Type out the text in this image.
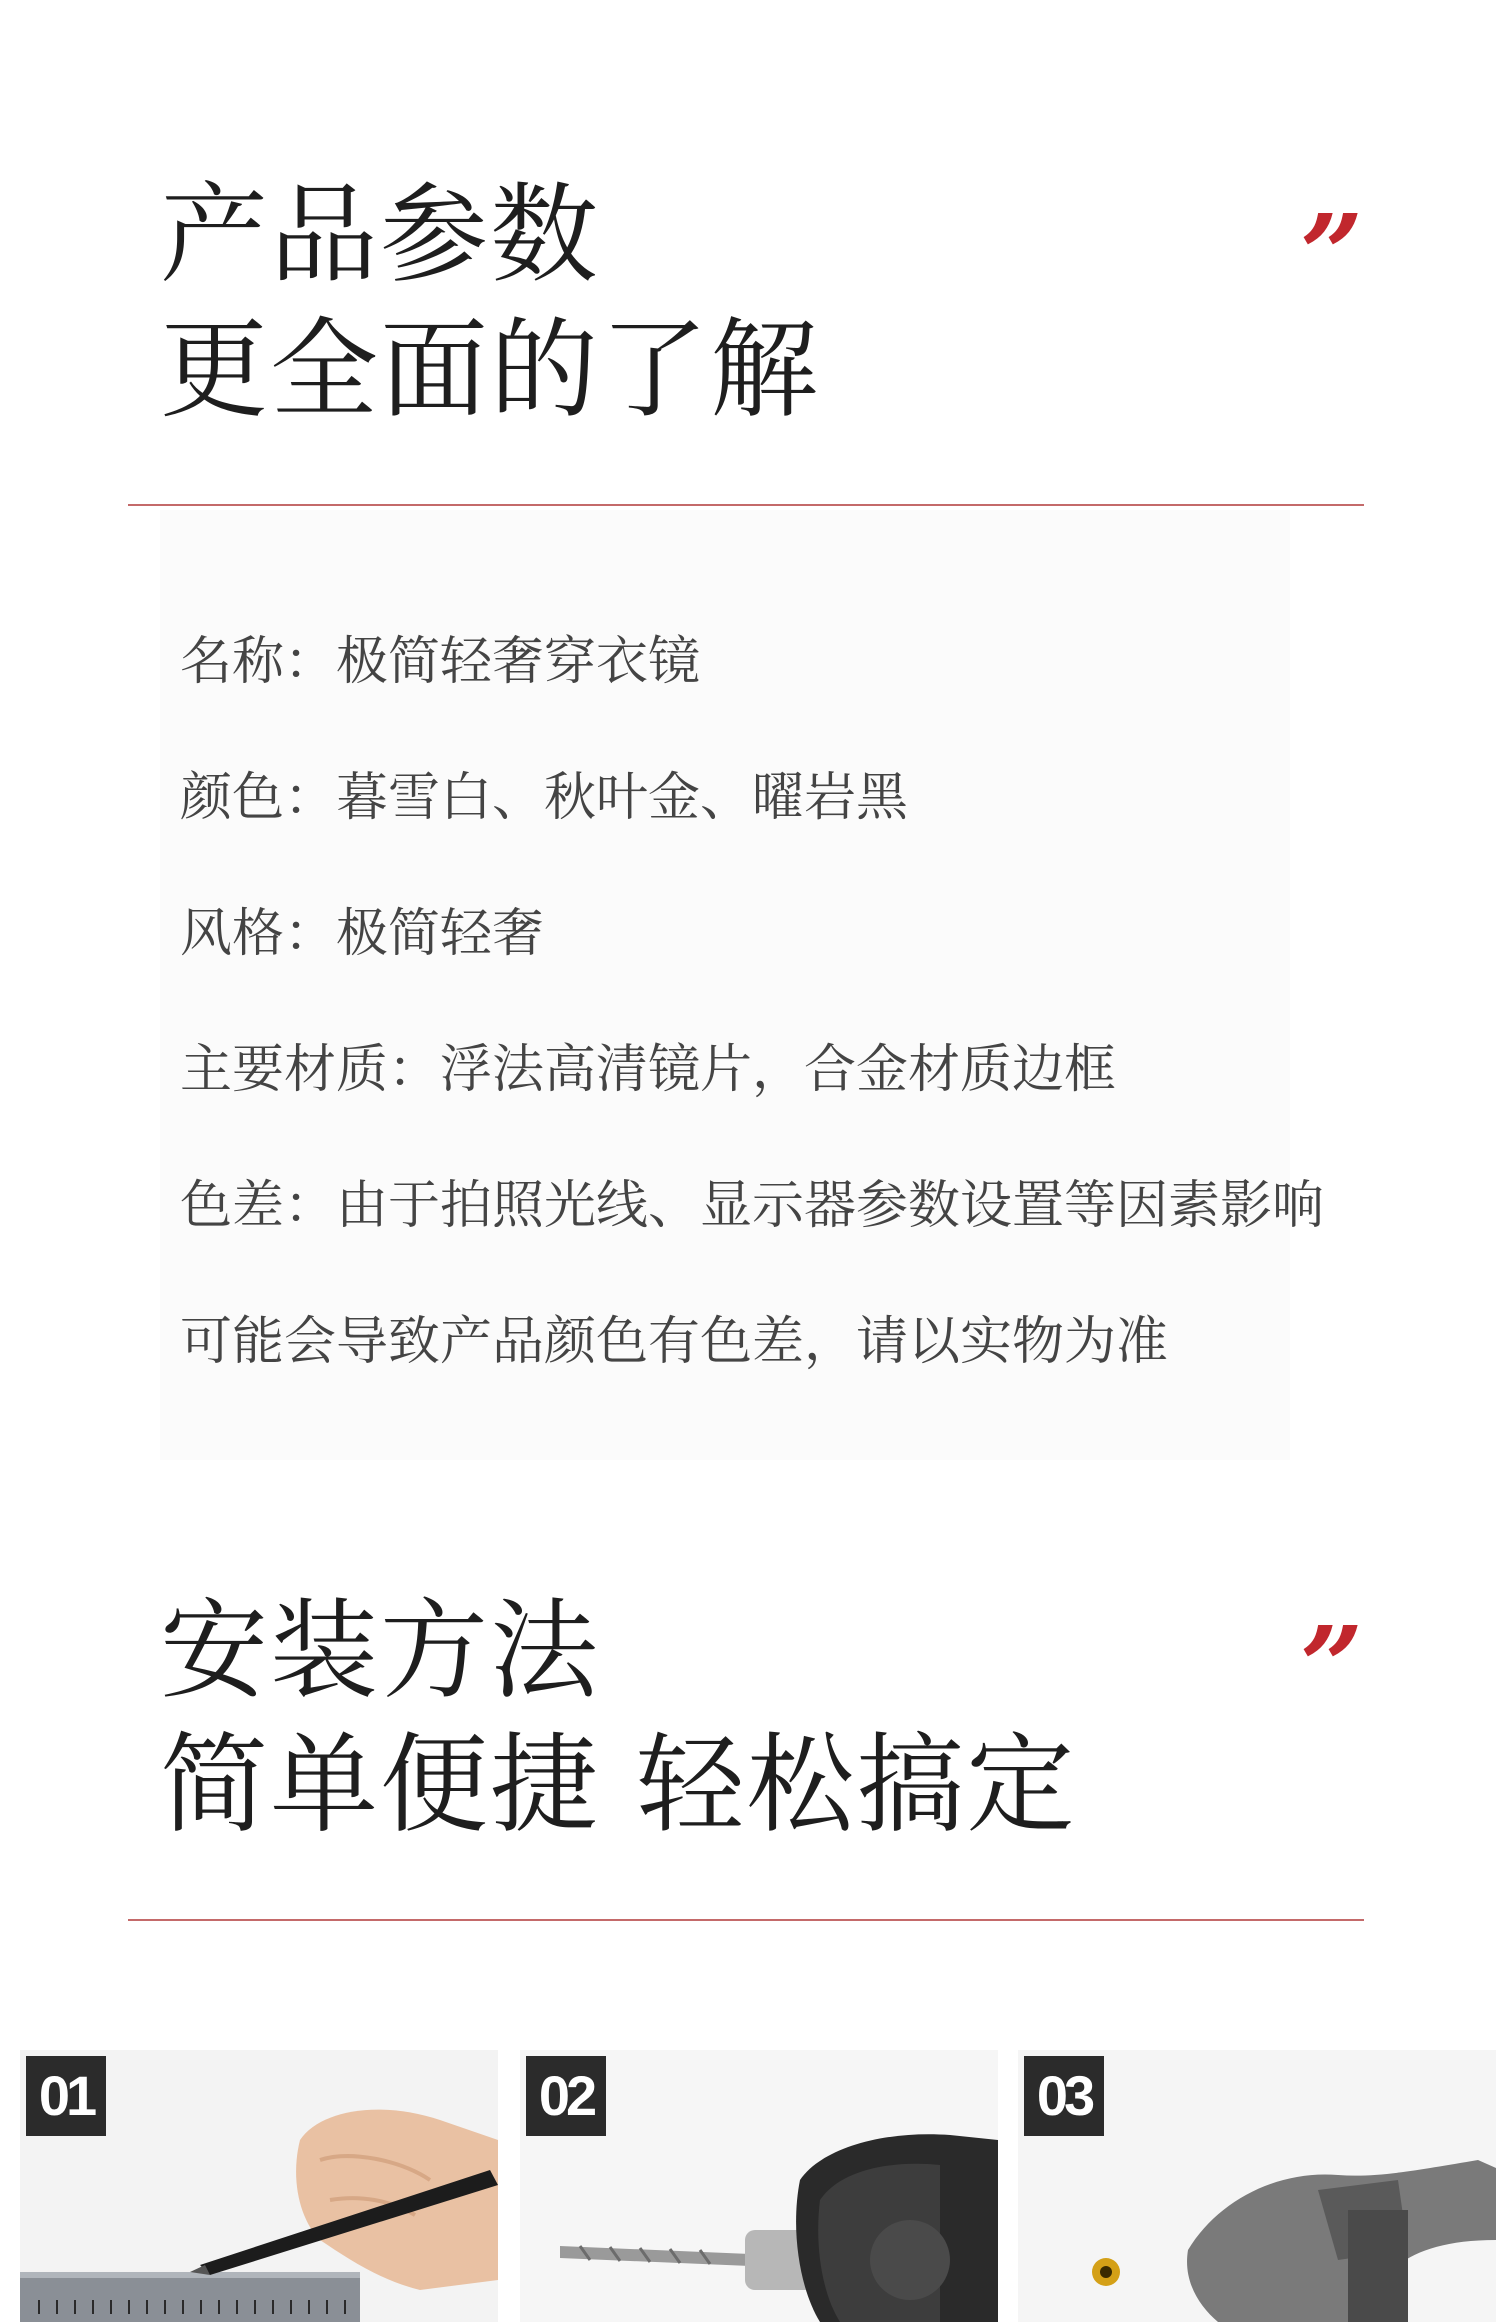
产品参数
更全面的了解
”
名称：极简轻奢穿衣镜
颜色：暮雪白、秋叶金、曜岩黑
风格：极简轻奢
主要材质：浮法高清镜片，合金材质边框
色差：由于拍照光线、显示器参数设置等因素影响
可能会导致产品颜色有色差，请以实物为准
安装方法
简单便捷 轻松搞定
”
01	02	03
